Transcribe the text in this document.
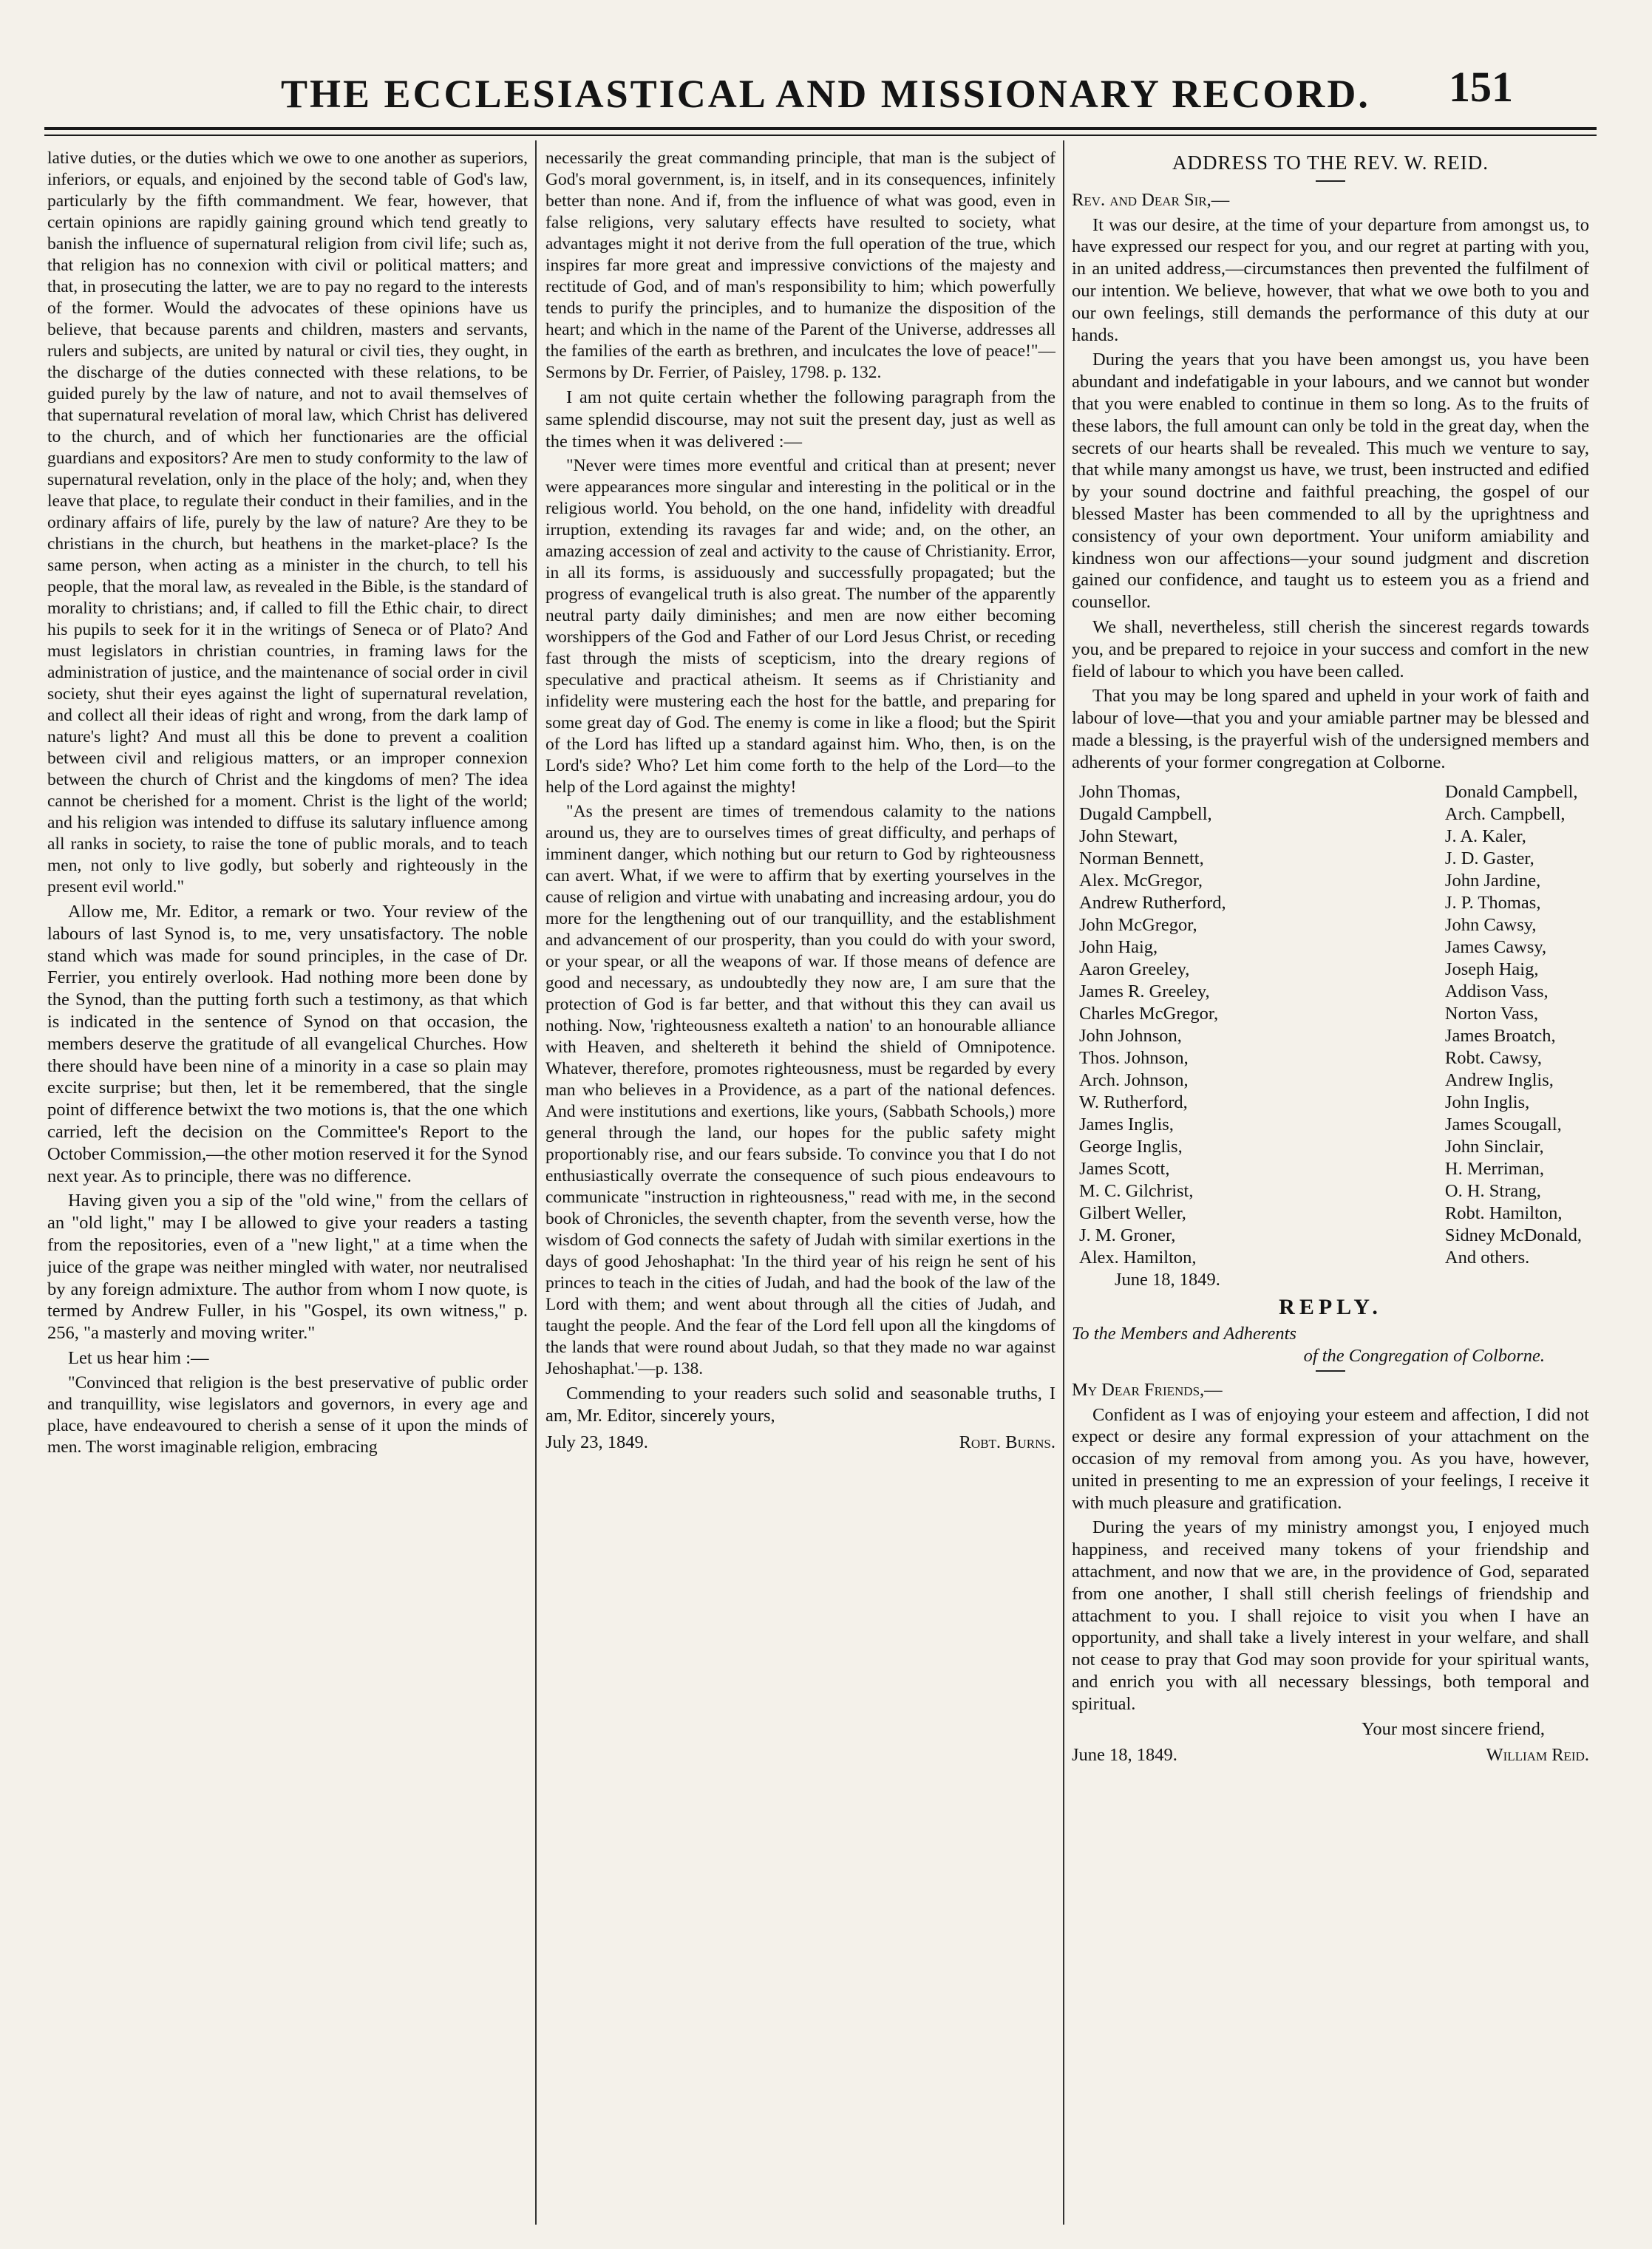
THE ECCLESIASTICAL AND MISSIONARY RECORD. 151

lative duties, or the duties which we owe to one another as superiors, inferiors, or equals, and enjoined by the second table of God's law, particularly by the fifth commandment. We fear, however, that certain opinions are rapidly gaining ground which tend greatly to banish the influence of supernatural religion from civil life; such as, that religion has no connexion with civil or political matters; and that, in prosecuting the latter, we are to pay no regard to the interests of the former. Would the advocates of these opinions have us believe, that because parents and children, masters and servants, rulers and subjects, are united by natural or civil ties, they ought, in the discharge of the duties connected with these relations, to be guided purely by the law of nature, and not to avail themselves of that supernatural revelation of moral law, which Christ has delivered to the church, and of which her functionaries are the official guardians and expositors? Are men to study conformity to the law of supernatural revelation, only in the place of the holy; and, when they leave that place, to regulate their conduct in their families, and in the ordinary affairs of life, purely by the law of nature? Are they to be christians in the church, but heathens in the market-place? Is the same person, when acting as a minister in the church, to tell his people, that the moral law, as revealed in the Bible, is the standard of morality to christians; and, if called to fill the Ethic chair, to direct his pupils to seek for it in the writings of Seneca or of Plato? And must legislators in christian countries, in framing laws for the administration of justice, and the maintenance of social order in civil society, shut their eyes against the light of supernatural revelation, and collect all their ideas of right and wrong, from the dark lamp of nature's light? And must all this be done to prevent a coalition between civil and religious matters, or an improper connexion between the church of Christ and the kingdoms of men? The idea cannot be cherished for a moment. Christ is the light of the world; and his religion was intended to diffuse its salutary influence among all ranks in society, to raise the tone of public morals, and to teach men, not only to live godly, but soberly and righteously in the present evil world."

Allow me, Mr. Editor, a remark or two. Your review of the labours of last Synod is, to me, very unsatisfactory. The noble stand which was made for sound principles, in the case of Dr. Ferrier, you entirely overlook. Had nothing more been done by the Synod, than the putting forth such a testimony, as that which is indicated in the sentence of Synod on that occasion, the members deserve the gratitude of all evangelical Churches. How there should have been nine of a minority in a case so plain may excite surprise; but then, let it be remembered, that the single point of difference betwixt the two motions is, that the one which carried, left the decision on the Committee's Report to the October Commission,—the other motion reserved it for the Synod next year. As to principle, there was no difference.

Having given you a sip of the "old wine," from the cellars of an "old light," may I be allowed to give your readers a tasting from the repositories, even of a "new light," at a time when the juice of the grape was neither mingled with water, nor neutralised by any foreign admixture. The author from whom I now quote, is termed by Andrew Fuller, in his "Gospel, its own witness," p. 256, "a masterly and moving writer."

Let us hear him :—

"Convinced that religion is the best preservative of public order and tranquillity, wise legislators and governors, in every age and place, have endeavoured to cherish a sense of it upon the minds of men. The worst imaginable religion, embracing

necessarily the great commanding principle, that man is the subject of God's moral government, is, in itself, and in its consequences, infinitely better than none. And if, from the influence of what was good, even in false religions, very salutary effects have resulted to society, what advantages might it not derive from the full operation of the true, which inspires far more great and impressive convictions of the majesty and rectitude of God, and of man's responsibility to him; which powerfully tends to purify the principles, and to humanize the disposition of the heart; and which in the name of the Parent of the Universe, addresses all the families of the earth as brethren, and inculcates the love of peace!"—Sermons by Dr. Ferrier, of Paisley, 1798. p. 132.

I am not quite certain whether the following paragraph from the same splendid discourse, may not suit the present day, just as well as the times when it was delivered :—

"Never were times more eventful and critical than at present; never were appearances more singular and interesting in the political or in the religious world. You behold, on the one hand, infidelity with dreadful irruption, extending its ravages far and wide; and, on the other, an amazing accession of zeal and activity to the cause of Christianity. Error, in all its forms, is assiduously and successfully propagated; but the progress of evangelical truth is also great. The number of the apparently neutral party daily diminishes; and men are now either becoming worshippers of the God and Father of our Lord Jesus Christ, or receding fast through the mists of scepticism, into the dreary regions of speculative and practical atheism. It seems as if Christianity and infidelity were mustering each the host for the battle, and preparing for some great day of God. The enemy is come in like a flood; but the Spirit of the Lord has lifted up a standard against him. Who, then, is on the Lord's side? Who? Let him come forth to the help of the Lord—to the help of the Lord against the mighty!

"As the present are times of tremendous calamity to the nations around us, they are to ourselves times of great difficulty, and perhaps of imminent danger, which nothing but our return to God by righteousness can avert. What, if we were to affirm that by exerting yourselves in the cause of religion and virtue with unabating and increasing ardour, you do more for the lengthening out of our tranquillity, and the establishment and advancement of our prosperity, than you could do with your sword, or your spear, or all the weapons of war. If those means of defence are good and necessary, as undoubtedly they now are, I am sure that the protection of God is far better, and that without this they can avail us nothing. Now, 'righteousness exalteth a nation' to an honourable alliance with Heaven, and sheltereth it behind the shield of Omnipotence. Whatever, therefore, promotes righteousness, must be regarded by every man who believes in a Providence, as a part of the national defences. And were institutions and exertions, like yours, (Sabbath Schools,) more general through the land, our hopes for the public safety might proportionably rise, and our fears subside. To convince you that I do not enthusiastically overrate the consequence of such pious endeavours to communicate "instruction in righteousness," read with me, in the second book of Chronicles, the seventh chapter, from the seventh verse, how the wisdom of God connects the safety of Judah with similar exertions in the days of good Jehoshaphat: 'In the third year of his reign he sent of his princes to teach in the cities of Judah, and had the book of the law of the Lord with them; and went about through all the cities of Judah, and taught the people. And the fear of the Lord fell upon all the kingdoms of the lands that were round about Judah, so that they made no war against Jehoshaphat.'—p. 138.

Commending to your readers such solid and seasonable truths, I am, Mr. Editor, sincerely yours,

July 23, 1849.	Robt. Burns.
ADDRESS TO THE REV. W. REID.

Rev. and Dear Sir,—

It was our desire, at the time of your departure from amongst us, to have expressed our respect for you, and our regret at parting with you, in an united address,—circumstances then prevented the fulfilment of our intention. We believe, however, that what we owe both to you and our own feelings, still demands the performance of this duty at our hands.

During the years that you have been amongst us, you have been abundant and indefatigable in your labours, and we cannot but wonder that you were enabled to continue in them so long. As to the fruits of these labors, the full amount can only be told in the great day, when the secrets of our hearts shall be revealed. This much we venture to say, that while many amongst us have, we trust, been instructed and edified by your sound doctrine and faithful preaching, the gospel of our blessed Master has been commended to all by the uprightness and consistency of your own deportment. Your uniform amiability and kindness won our affections—your sound judgment and discretion gained our confidence, and taught us to esteem you as a friend and counsellor.

We shall, nevertheless, still cherish the sincerest regards towards you, and be prepared to rejoice in your success and comfort in the new field of labour to which you have been called.

That you may be long spared and upheld in your work of faith and labour of love—that you and your amiable partner may be blessed and made a blessing, is the prayerful wish of the undersigned members and adherents of your former congregation at Colborne.

John Thomas,
Dugald Campbell,
John Stewart,
Norman Bennett,
Alex. McGregor,
Andrew Rutherford,
John McGregor,
John Haig,
Aaron Greeley,
James R. Greeley,
Charles McGregor,
John Johnson,
Thos. Johnson,
Arch. Johnson,
W. Rutherford,
James Inglis,
George Inglis,
James Scott,
M. C. Gilchrist,
Gilbert Weller,
J. M. Groner,
Alex. Hamilton,
Donald Campbell,
Arch. Campbell,
J. A. Kaler,
J. D. Gaster,
John Jardine,
J. P. Thomas,
John Cawsy,
James Cawsy,
Joseph Haig,
Addison Vass,
Norton Vass,
James Broatch,
Robt. Cawsy,
Andrew Inglis,
John Inglis,
James Scougall,
John Sinclair,
H. Merriman,
O. H. Strang,
Robt. Hamilton,
Sidney McDonald,
And others.

June 18, 1849.

REPLY.

To the Members and Adherents

of the Congregation of Colborne.

My Dear Friends,—

Confident as I was of enjoying your esteem and affection, I did not expect or desire any formal expression of your attachment on the occasion of my removal from among you. As you have, however, united in presenting to me an expression of your feelings, I receive it with much pleasure and gratification.

During the years of my ministry amongst you, I enjoyed much happiness, and received many tokens of your friendship and attachment, and now that we are, in the providence of God, separated from one another, I shall still cherish feelings of friendship and attachment to you. I shall rejoice to visit you when I have an opportunity, and shall take a lively interest in your welfare, and shall not cease to pray that God may soon provide for your spiritual wants, and enrich you with all necessary blessings, both temporal and spiritual.

Your most sincere friend,

June 18, 1849.	William Reid.
